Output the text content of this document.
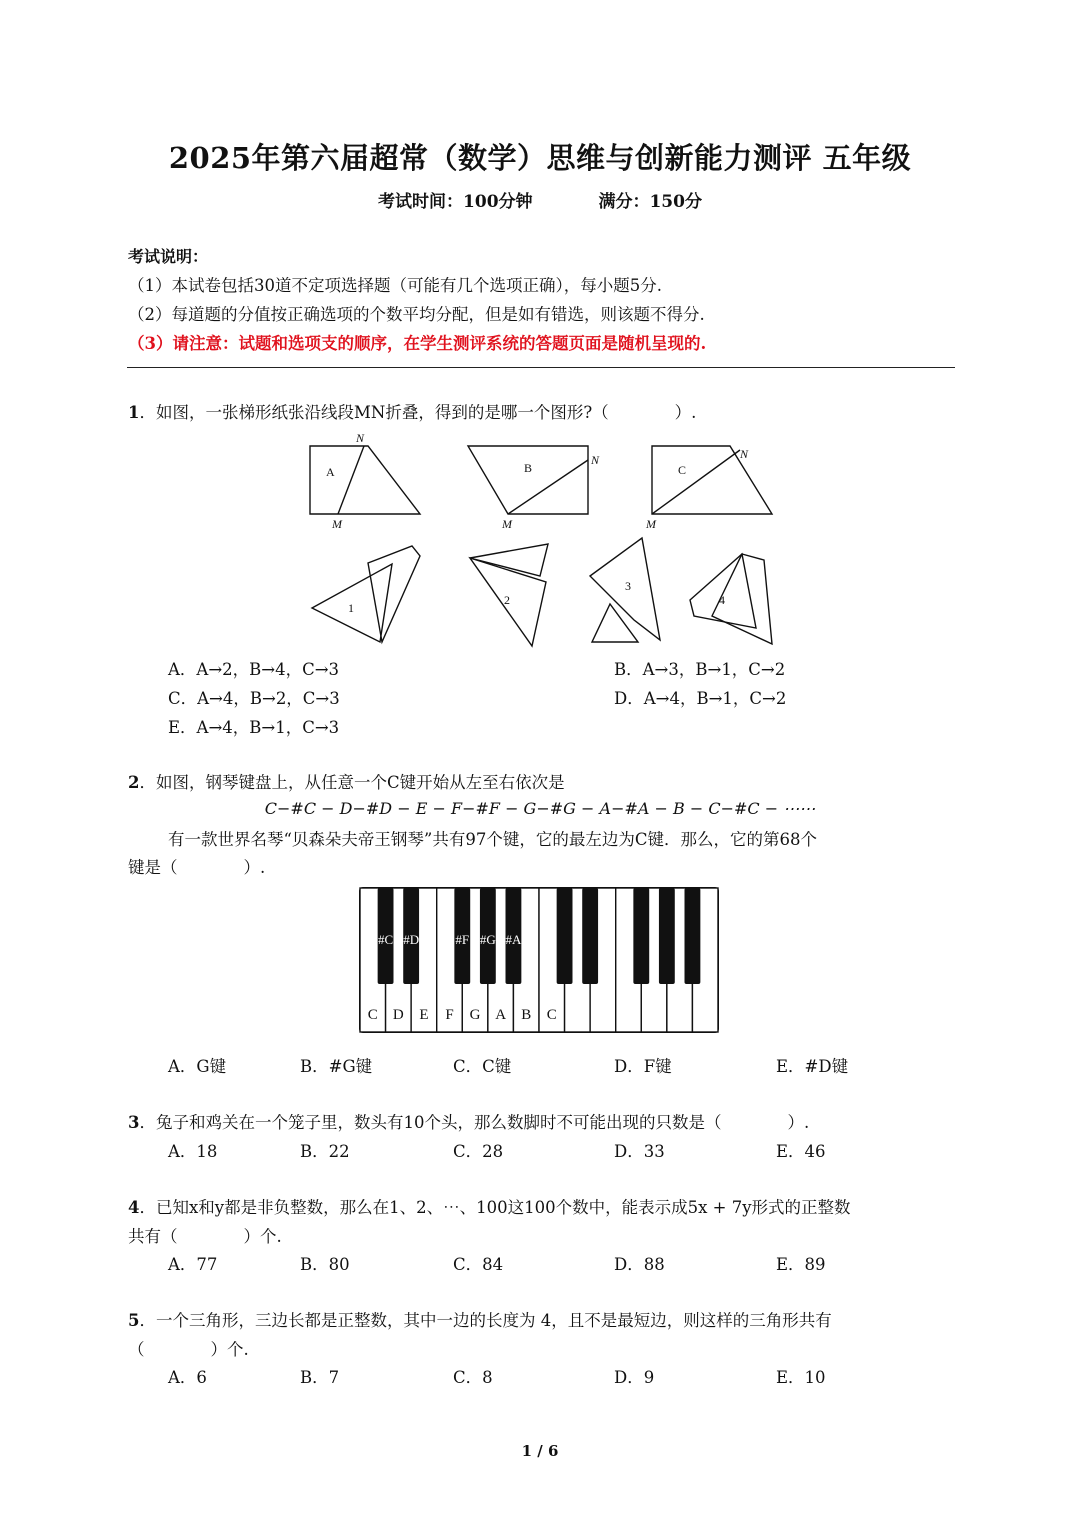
2025年第六届超常（数学）思维与创新能力测评 五年级
考试时间：100分钟	满分：150分
考试说明：
（1）本试卷包括30道不定项选择题（可能有几个选项正确），每小题5分.
（2）每道题的分值按正确选项的个数平均分配，但是如有错选，则该题不得分.
（3）请注意：试题和选项支的顺序，在学生测评系统的答题页面是随机呈现的.
1．如图，一张梯形纸张沿线段MN折叠，得到的是哪一个图形?（　　　　）.
A
N
M
B
N
M
C
N
M
1
2
3
4
A．A→2，B→4，C→3	B．A→3，B→1，C→2
C．A→4，B→2，C→3	D．A→4，B→1，C→2
E．A→4，B→1，C→3
2．如图，钢琴键盘上，从任意一个C键开始从左至右依次是
C−#C − D−#D − E − F−#F − G−#G − A−#A − B − C−#C − ⋯⋯
有一款世界名琴“贝森朵夫帝王钢琴”共有97个键，它的最左边为C键．那么，它的第68个
键是（　　　　）.
C D E F G A B C
#C #D	#F #G #A
A．G键	B．#G键	C．C键	D．F键	E．#D键
3．兔子和鸡关在一个笼子里，数头有10个头，那么数脚时不可能出现的只数是（　　　　）.
A．18	B．22	C．28	D．33	E．46
4．已知x和y都是非负整数，那么在1、2、⋯、100这100个数中，能表示成5x + 7y形式的正整数
共有（　　　　）个.
A．77	B．80	C．84	D．88	E．89
5．一个三角形，三边长都是正整数，其中一边的长度为 4，且不是最短边，则这样的三角形共有
（　　　　）个.
A．6	B．7	C．8	D．9	E．10
1 / 6
